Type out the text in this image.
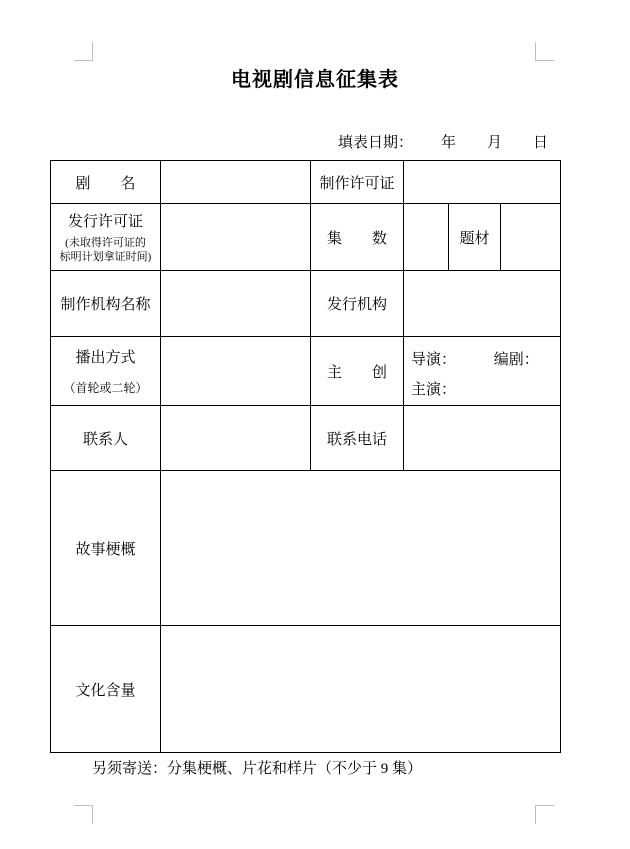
电视剧信息征集表
填表日期： 年 月 日
剧　　名		制作许可证			

发行许可证
(未取得许可证的
标明计划拿证时间)		集　　数		题材	
制作机构名称		发行机构			

播出方式
（首轮或二轮）
		主　　创	
导演：	编剧：
主演：

联系人		联系电话			
故事梗概					
文化含量					
另须寄送：分集梗概、片花和样片（不少于 9 集）
